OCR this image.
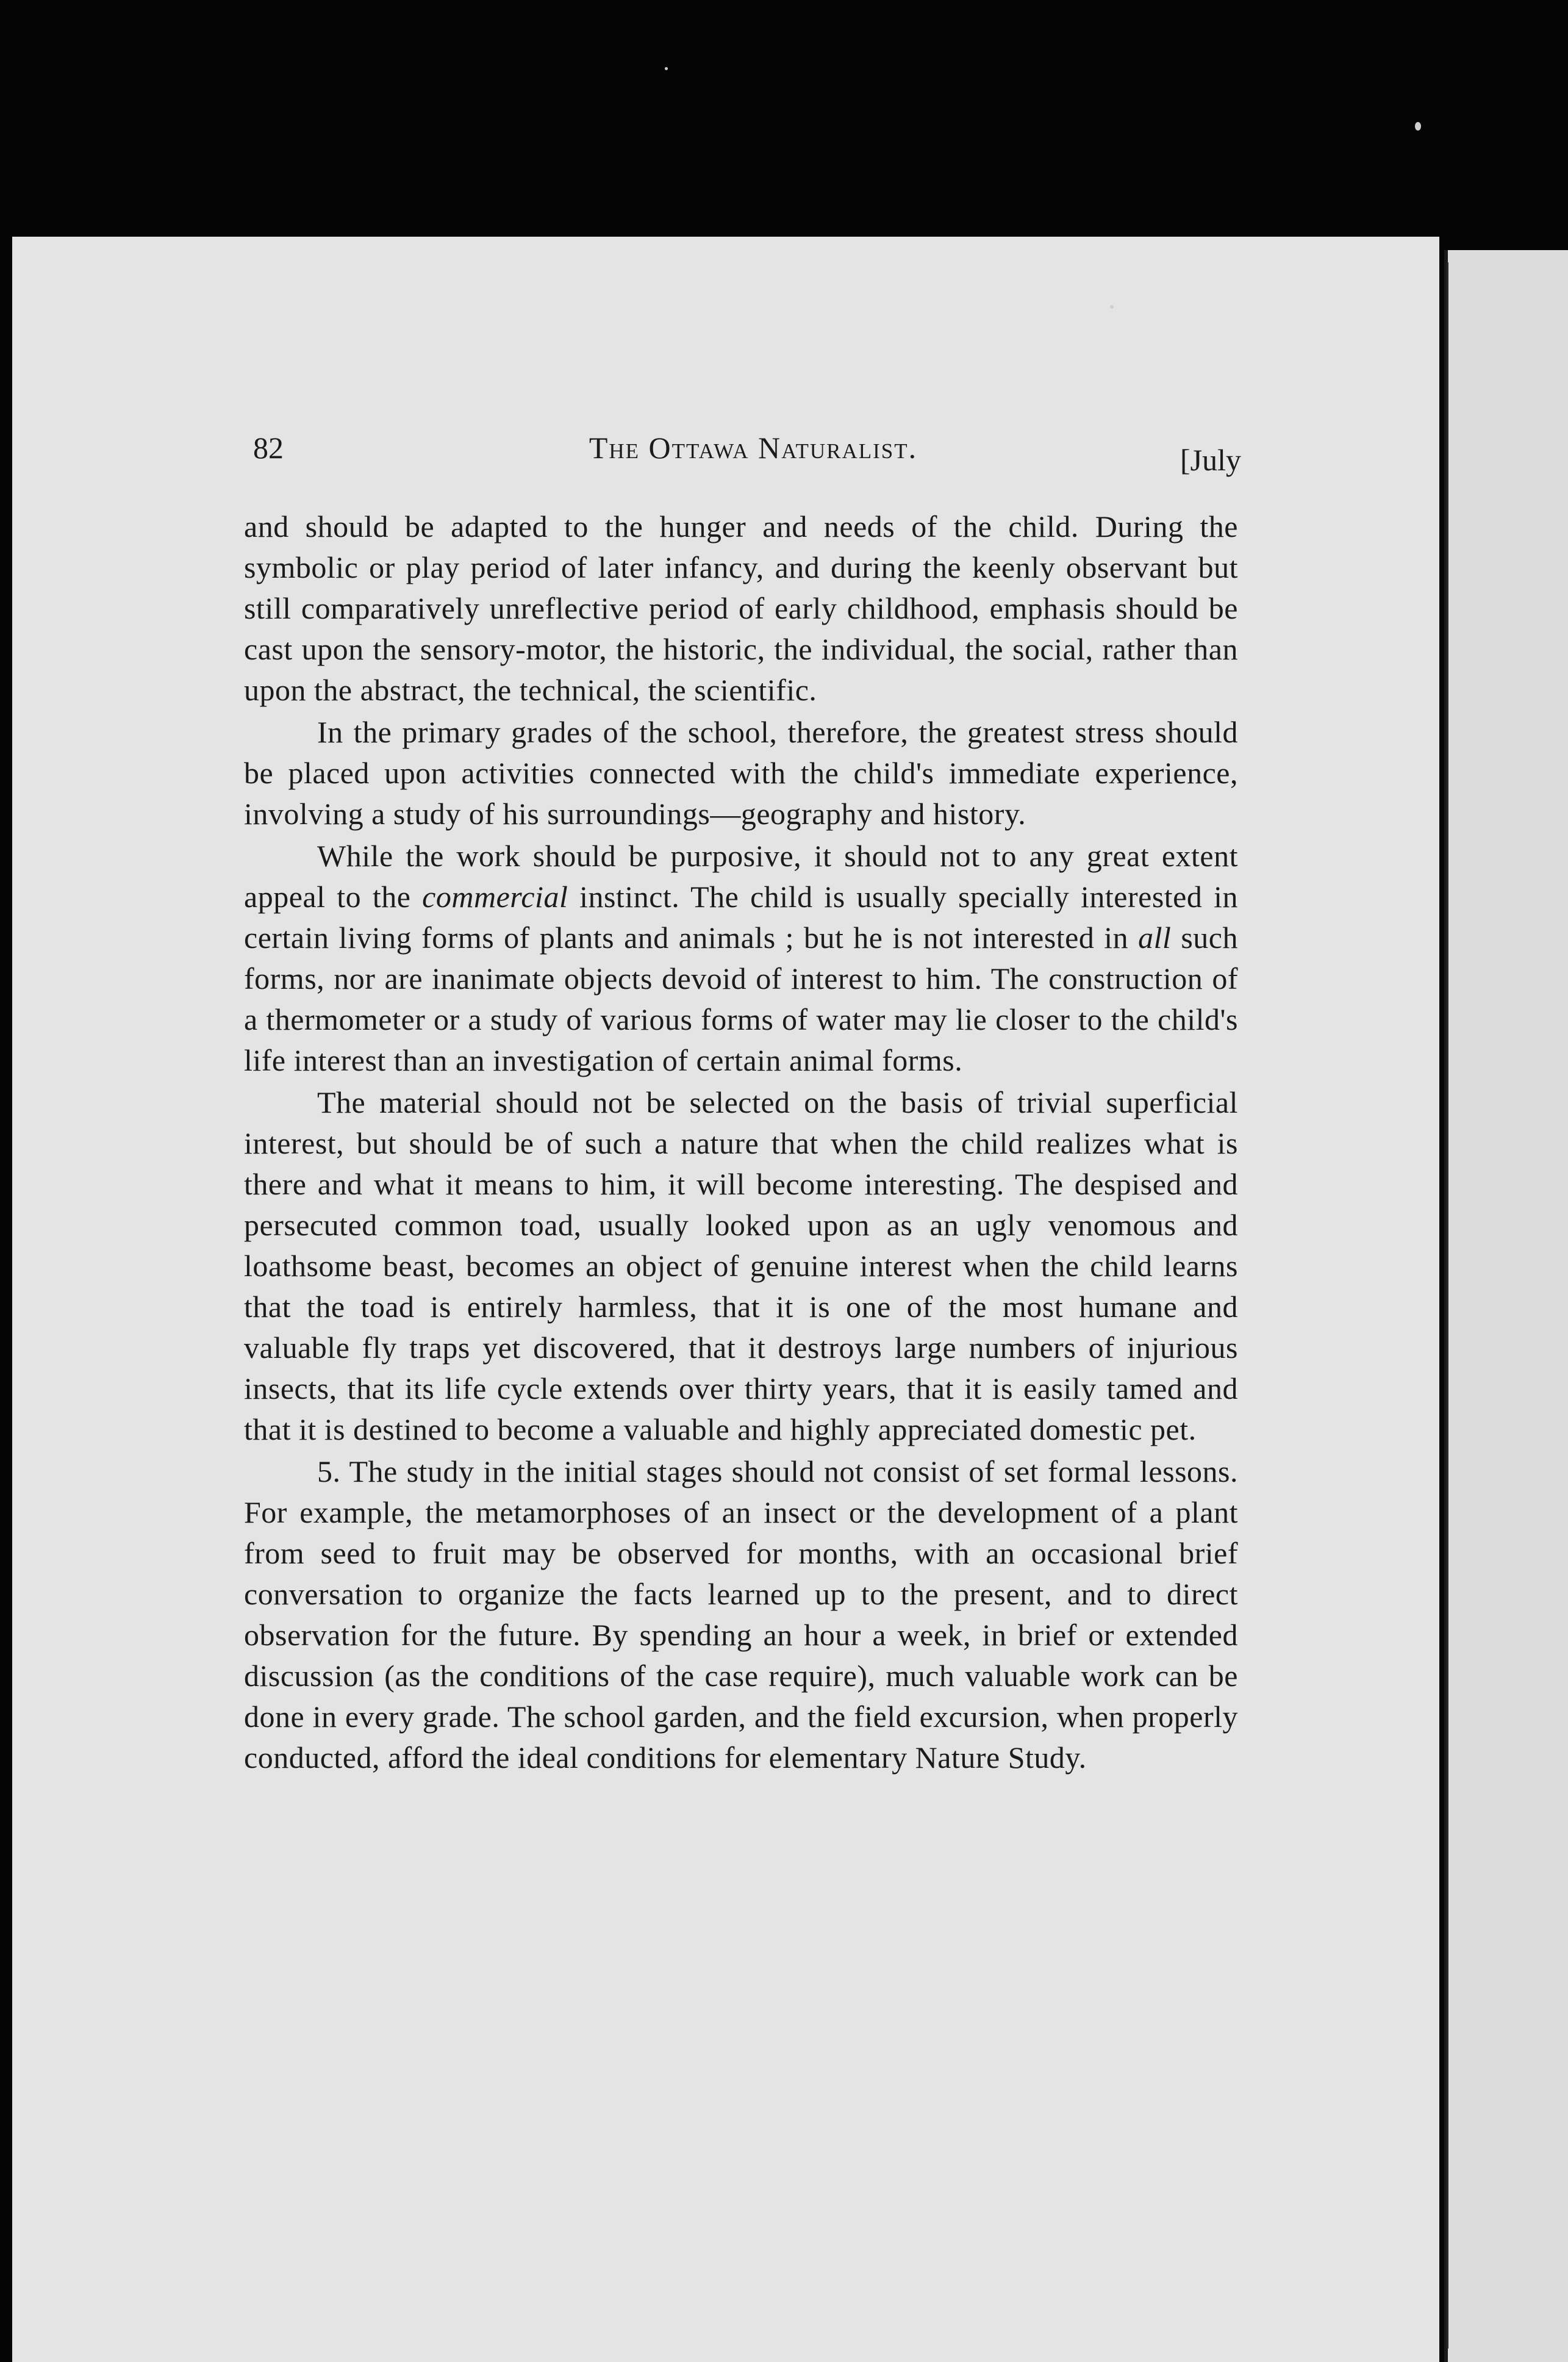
82	The Ottawa Naturalist.	[July

and should be adapted to the hunger and needs of the child. During the symbolic or play period of later infancy, and during the keenly observant but still comparatively unreflective period of early childhood, emphasis should be cast upon the sensory-motor, the historic, the individual, the social, rather than upon the abstract, the technical, the scientific.

In the primary grades of the school, therefore, the greatest stress should be placed upon activities connected with the child's immediate experience, involving a study of his surroundings—geography and history.

While the work should be purposive, it should not to any great extent appeal to the commercial instinct. The child is usually specially interested in certain living forms of plants and animals ; but he is not interested in all such forms, nor are inanimate objects devoid of interest to him. The construction of a thermometer or a study of various forms of water may lie closer to the child's life interest than an investigation of certain animal forms.

The material should not be selected on the basis of trivial superficial interest, but should be of such a nature that when the child realizes what is there and what it means to him, it will become interesting. The despised and persecuted common toad, usually looked upon as an ugly venomous and loathsome beast, becomes an object of genuine interest when the child learns that the toad is entirely harmless, that it is one of the most humane and valuable fly traps yet discovered, that it destroys large numbers of injurious insects, that its life cycle extends over thirty years, that it is easily tamed and that it is destined to become a valuable and highly appreciated domestic pet.

5. The study in the initial stages should not consist of set formal lessons. For example, the metamorphoses of an insect or the development of a plant from seed to fruit may be observed for months, with an occasional brief conversation to organize the facts learned up to the present, and to direct observation for the future. By spending an hour a week, in brief or extended discussion (as the conditions of the case require), much valuable work can be done in every grade. The school garden, and the field excursion, when properly conducted, afford the ideal conditions for elementary Nature Study.
